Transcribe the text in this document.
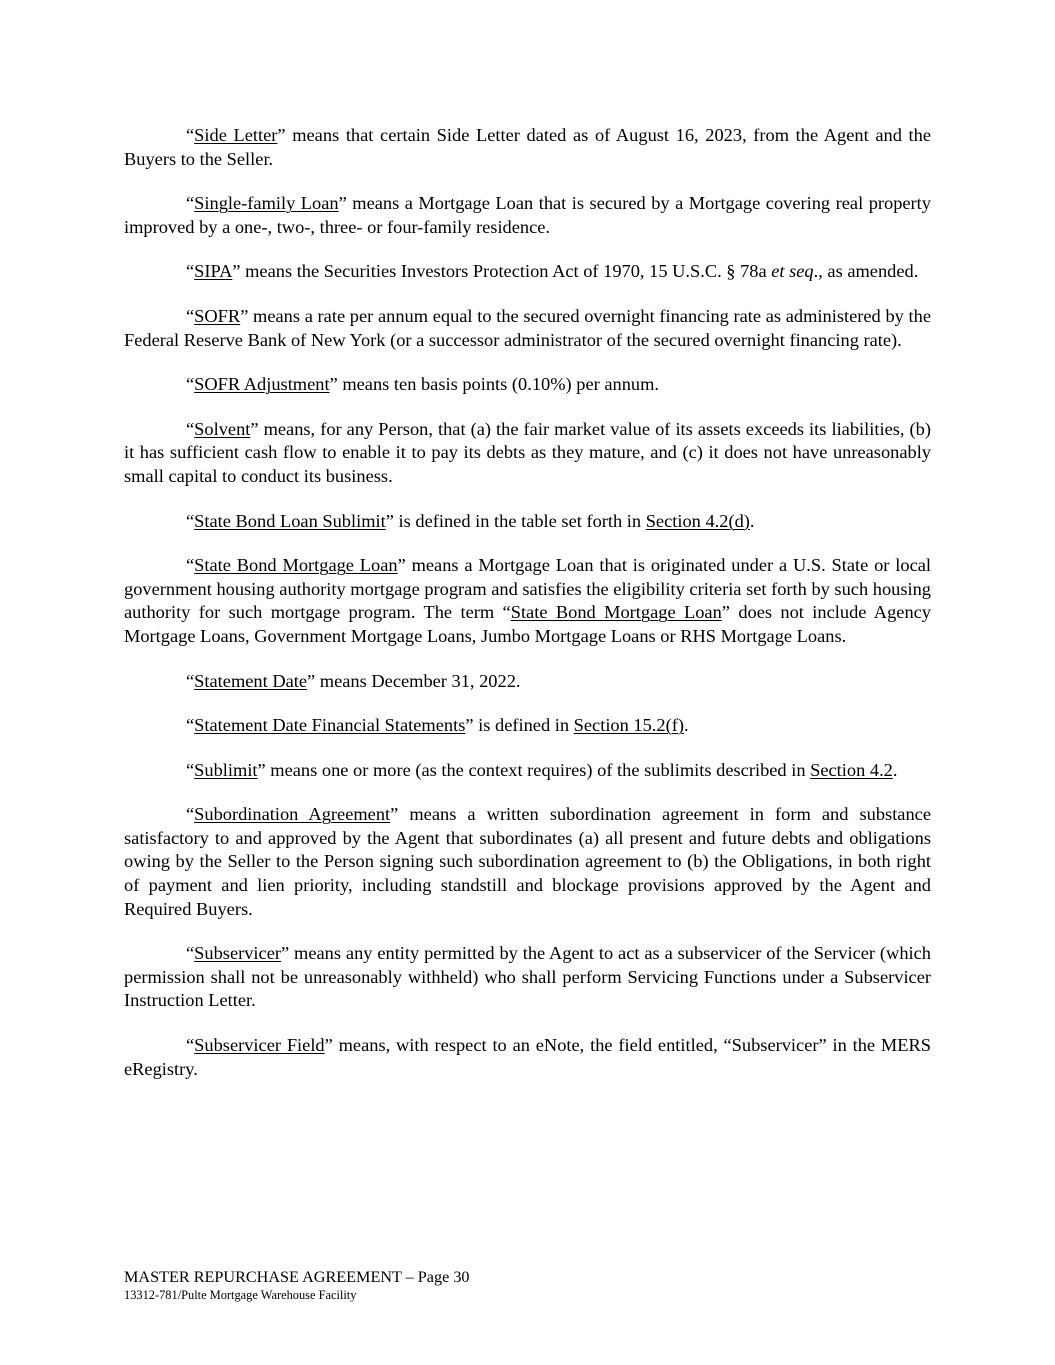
“Side Letter” means that certain Side Letter dated as of August 16, 2023, from the Agent and the Buyers to the Seller.

“Single-family Loan” means a Mortgage Loan that is secured by a Mortgage covering real property improved by a one-, two-, three- or four-family residence.

“SIPA” means the Securities Investors Protection Act of 1970, 15 U.S.C. § 78a et seq., as amended.

“SOFR” means a rate per annum equal to the secured overnight financing rate as administered by the Federal Reserve Bank of New York (or a successor administrator of the secured overnight financing rate).

“SOFR Adjustment” means ten basis points (0.10%) per annum.

“Solvent” means, for any Person, that (a) the fair market value of its assets exceeds its liabilities, (b) it has sufficient cash flow to enable it to pay its debts as they mature, and (c) it does not have unreasonably small capital to conduct its business.

“State Bond Loan Sublimit” is defined in the table set forth in Section 4.2(d).

“State Bond Mortgage Loan” means a Mortgage Loan that is originated under a U.S. State or local government housing authority mortgage program and satisfies the eligibility criteria set forth by such housing authority for such mortgage program. The term “State Bond Mortgage Loan” does not include Agency Mortgage Loans, Government Mortgage Loans, Jumbo Mortgage Loans or RHS Mortgage Loans.

“Statement Date” means December 31, 2022.

“Statement Date Financial Statements” is defined in Section 15.2(f).

“Sublimit” means one or more (as the context requires) of the sublimits described in Section 4.2.

“Subordination Agreement” means a written subordination agreement in form and substance satisfactory to and approved by the Agent that subordinates (a) all present and future debts and obligations owing by the Seller to the Person signing such subordination agreement to (b) the Obligations, in both right of payment and lien priority, including standstill and blockage provisions approved by the Agent and Required Buyers.

“Subservicer” means any entity permitted by the Agent to act as a subservicer of the Servicer (which permission shall not be unreasonably withheld) who shall perform Servicing Functions under a Subservicer Instruction Letter.

“Subservicer Field” means, with respect to an eNote, the field entitled, “Subservicer” in the MERS eRegistry.

MASTER REPURCHASE AGREEMENT – Page 30
13312-781/Pulte Mortgage Warehouse Facility
